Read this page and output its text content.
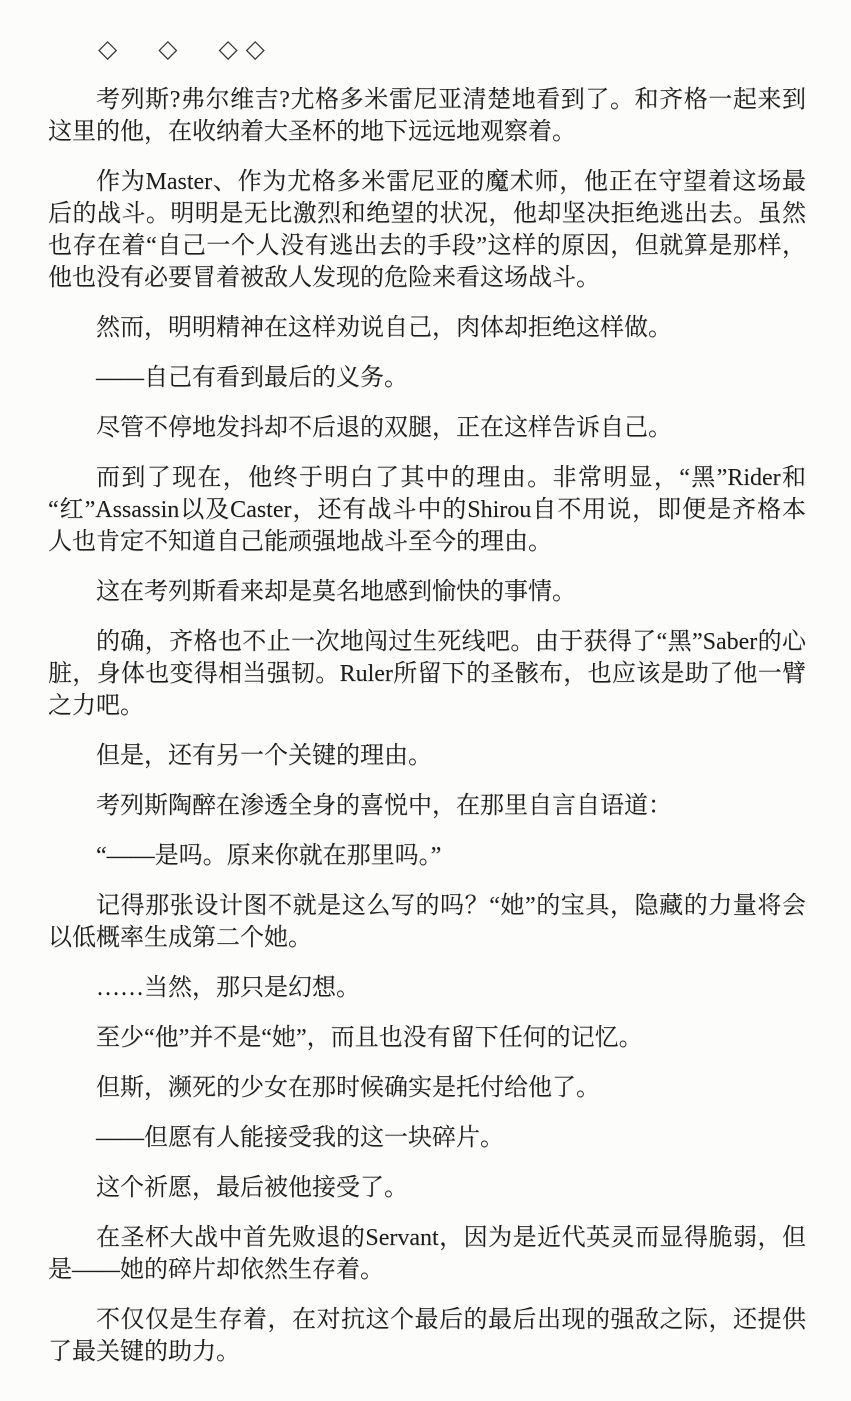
◇　◇　◇◇

考列斯?弗尔维吉?尤格多米雷尼亚清楚地看到了。和齐格一起来到这里的他，在收纳着大圣杯的地下远远地观察着。

作为Master、作为尤格多米雷尼亚的魔术师，他正在守望着这场最后的战斗。明明是无比激烈和绝望的状况，他却坚决拒绝逃出去。虽然也存在着“自己一个人没有逃出去的手段”这样的原因，但就算是那样，他也没有必要冒着被敌人发现的危险来看这场战斗。

然而，明明精神在这样劝说自己，肉体却拒绝这样做。

——自己有看到最后的义务。

尽管不停地发抖却不后退的双腿，正在这样告诉自己。

而到了现在，他终于明白了其中的理由。非常明显，“黑”Rider和“红”Assassin以及Caster，还有战斗中的Shirou自不用说，即便是齐格本人也肯定不知道自己能顽强地战斗至今的理由。

这在考列斯看来却是莫名地感到愉快的事情。

的确，齐格也不止一次地闯过生死线吧。由于获得了“黑”Saber的心脏，身体也变得相当强韧。Ruler所留下的圣骸布，也应该是助了他一臂之力吧。

但是，还有另一个关键的理由。

考列斯陶醉在渗透全身的喜悦中，在那里自言自语道：

“——是吗。原来你就在那里吗。”

记得那张设计图不就是这么写的吗？“她”的宝具，隐藏的力量将会以低概率生成第二个她。

……当然，那只是幻想。

至少“他”并不是“她”，而且也没有留下任何的记忆。

但斯，濒死的少女在那时候确实是托付给他了。

——但愿有人能接受我的这一块碎片。

这个祈愿，最后被他接受了。

在圣杯大战中首先败退的Servant，因为是近代英灵而显得脆弱，但是——她的碎片却依然生存着。

不仅仅是生存着，在对抗这个最后的最后出现的强敌之际，还提供了最关键的助力。
